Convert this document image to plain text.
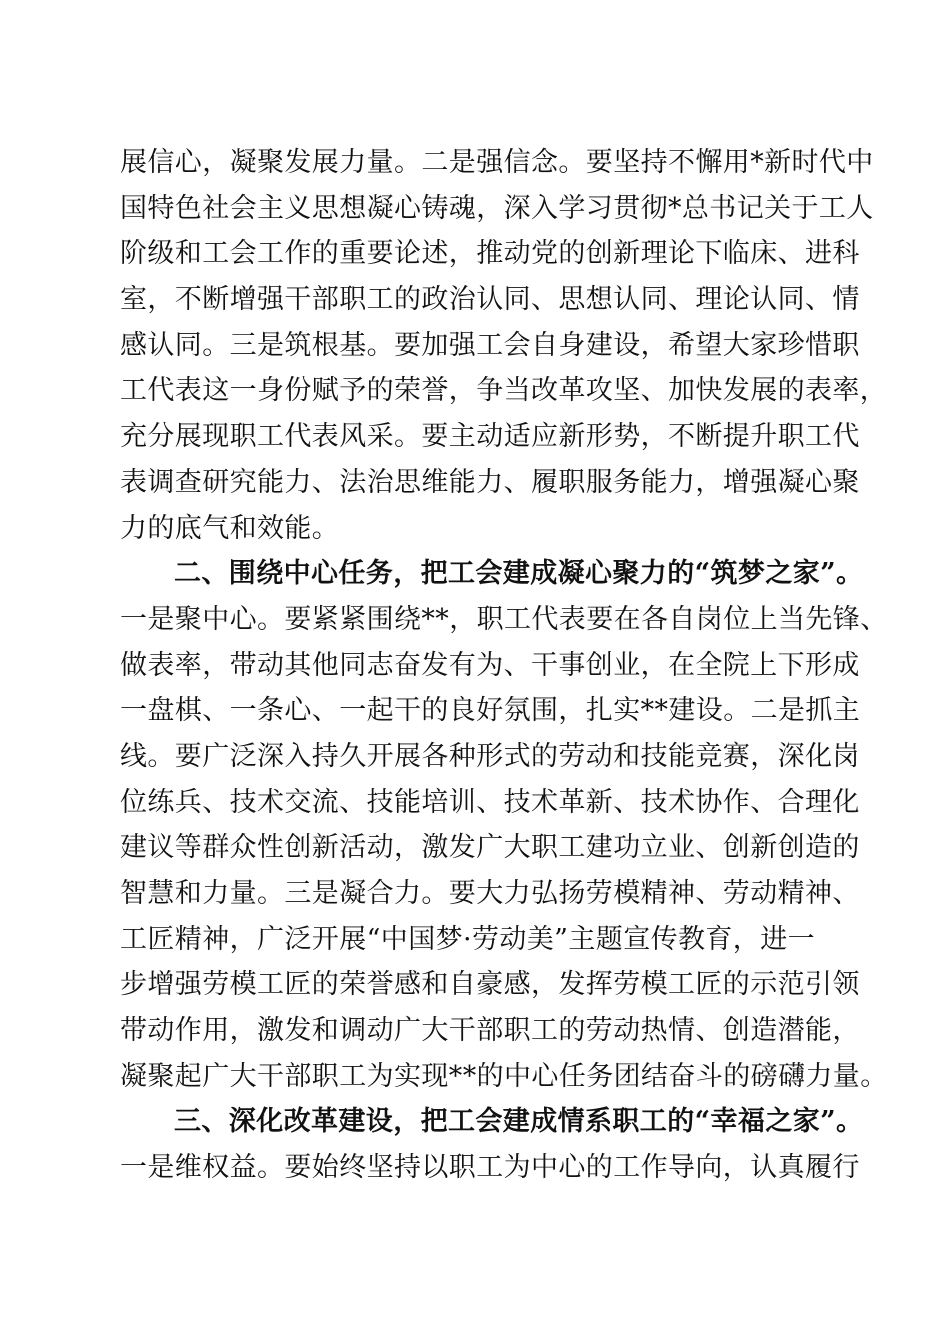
展信心，凝聚发展力量。二是强信念。要坚持不懈用*新时代中
国特色社会主义思想凝心铸魂，深入学习贯彻*总书记关于工人
阶级和工会工作的重要论述，推动党的创新理论下临床、进科
室，不断增强干部职工的政治认同、思想认同、理论认同、情
感认同。三是筑根基。要加强工会自身建设，希望大家珍惜职
工代表这一身份赋予的荣誉，争当改革攻坚、加快发展的表率，
充分展现职工代表风采。要主动适应新形势，不断提升职工代
表调查研究能力、法治思维能力、履职服务能力，增强凝心聚
力的底气和效能。
二、围绕中心任务，把工会建成凝心聚力的“筑梦之家”。
一是聚中心。要紧紧围绕**，职工代表要在各自岗位上当先锋、
做表率，带动其他同志奋发有为、干事创业，在全院上下形成
一盘棋、一条心、一起干的良好氛围，扎实**建设。二是抓主
线。要广泛深入持久开展各种形式的劳动和技能竞赛，深化岗
位练兵、技术交流、技能培训、技术革新、技术协作、合理化
建议等群众性创新活动，激发广大职工建功立业、创新创造的
智慧和力量。三是凝合力。要大力弘扬劳模精神、劳动精神、
工匠精神，广泛开展“中国梦·劳动美”主题宣传教育，进一
步增强劳模工匠的荣誉感和自豪感，发挥劳模工匠的示范引领
带动作用，激发和调动广大干部职工的劳动热情、创造潜能，
凝聚起广大干部职工为实现**的中心任务团结奋斗的磅礴力量。
三、深化改革建设，把工会建成情系职工的“幸福之家”。
一是维权益。要始终坚持以职工为中心的工作导向，认真履行
